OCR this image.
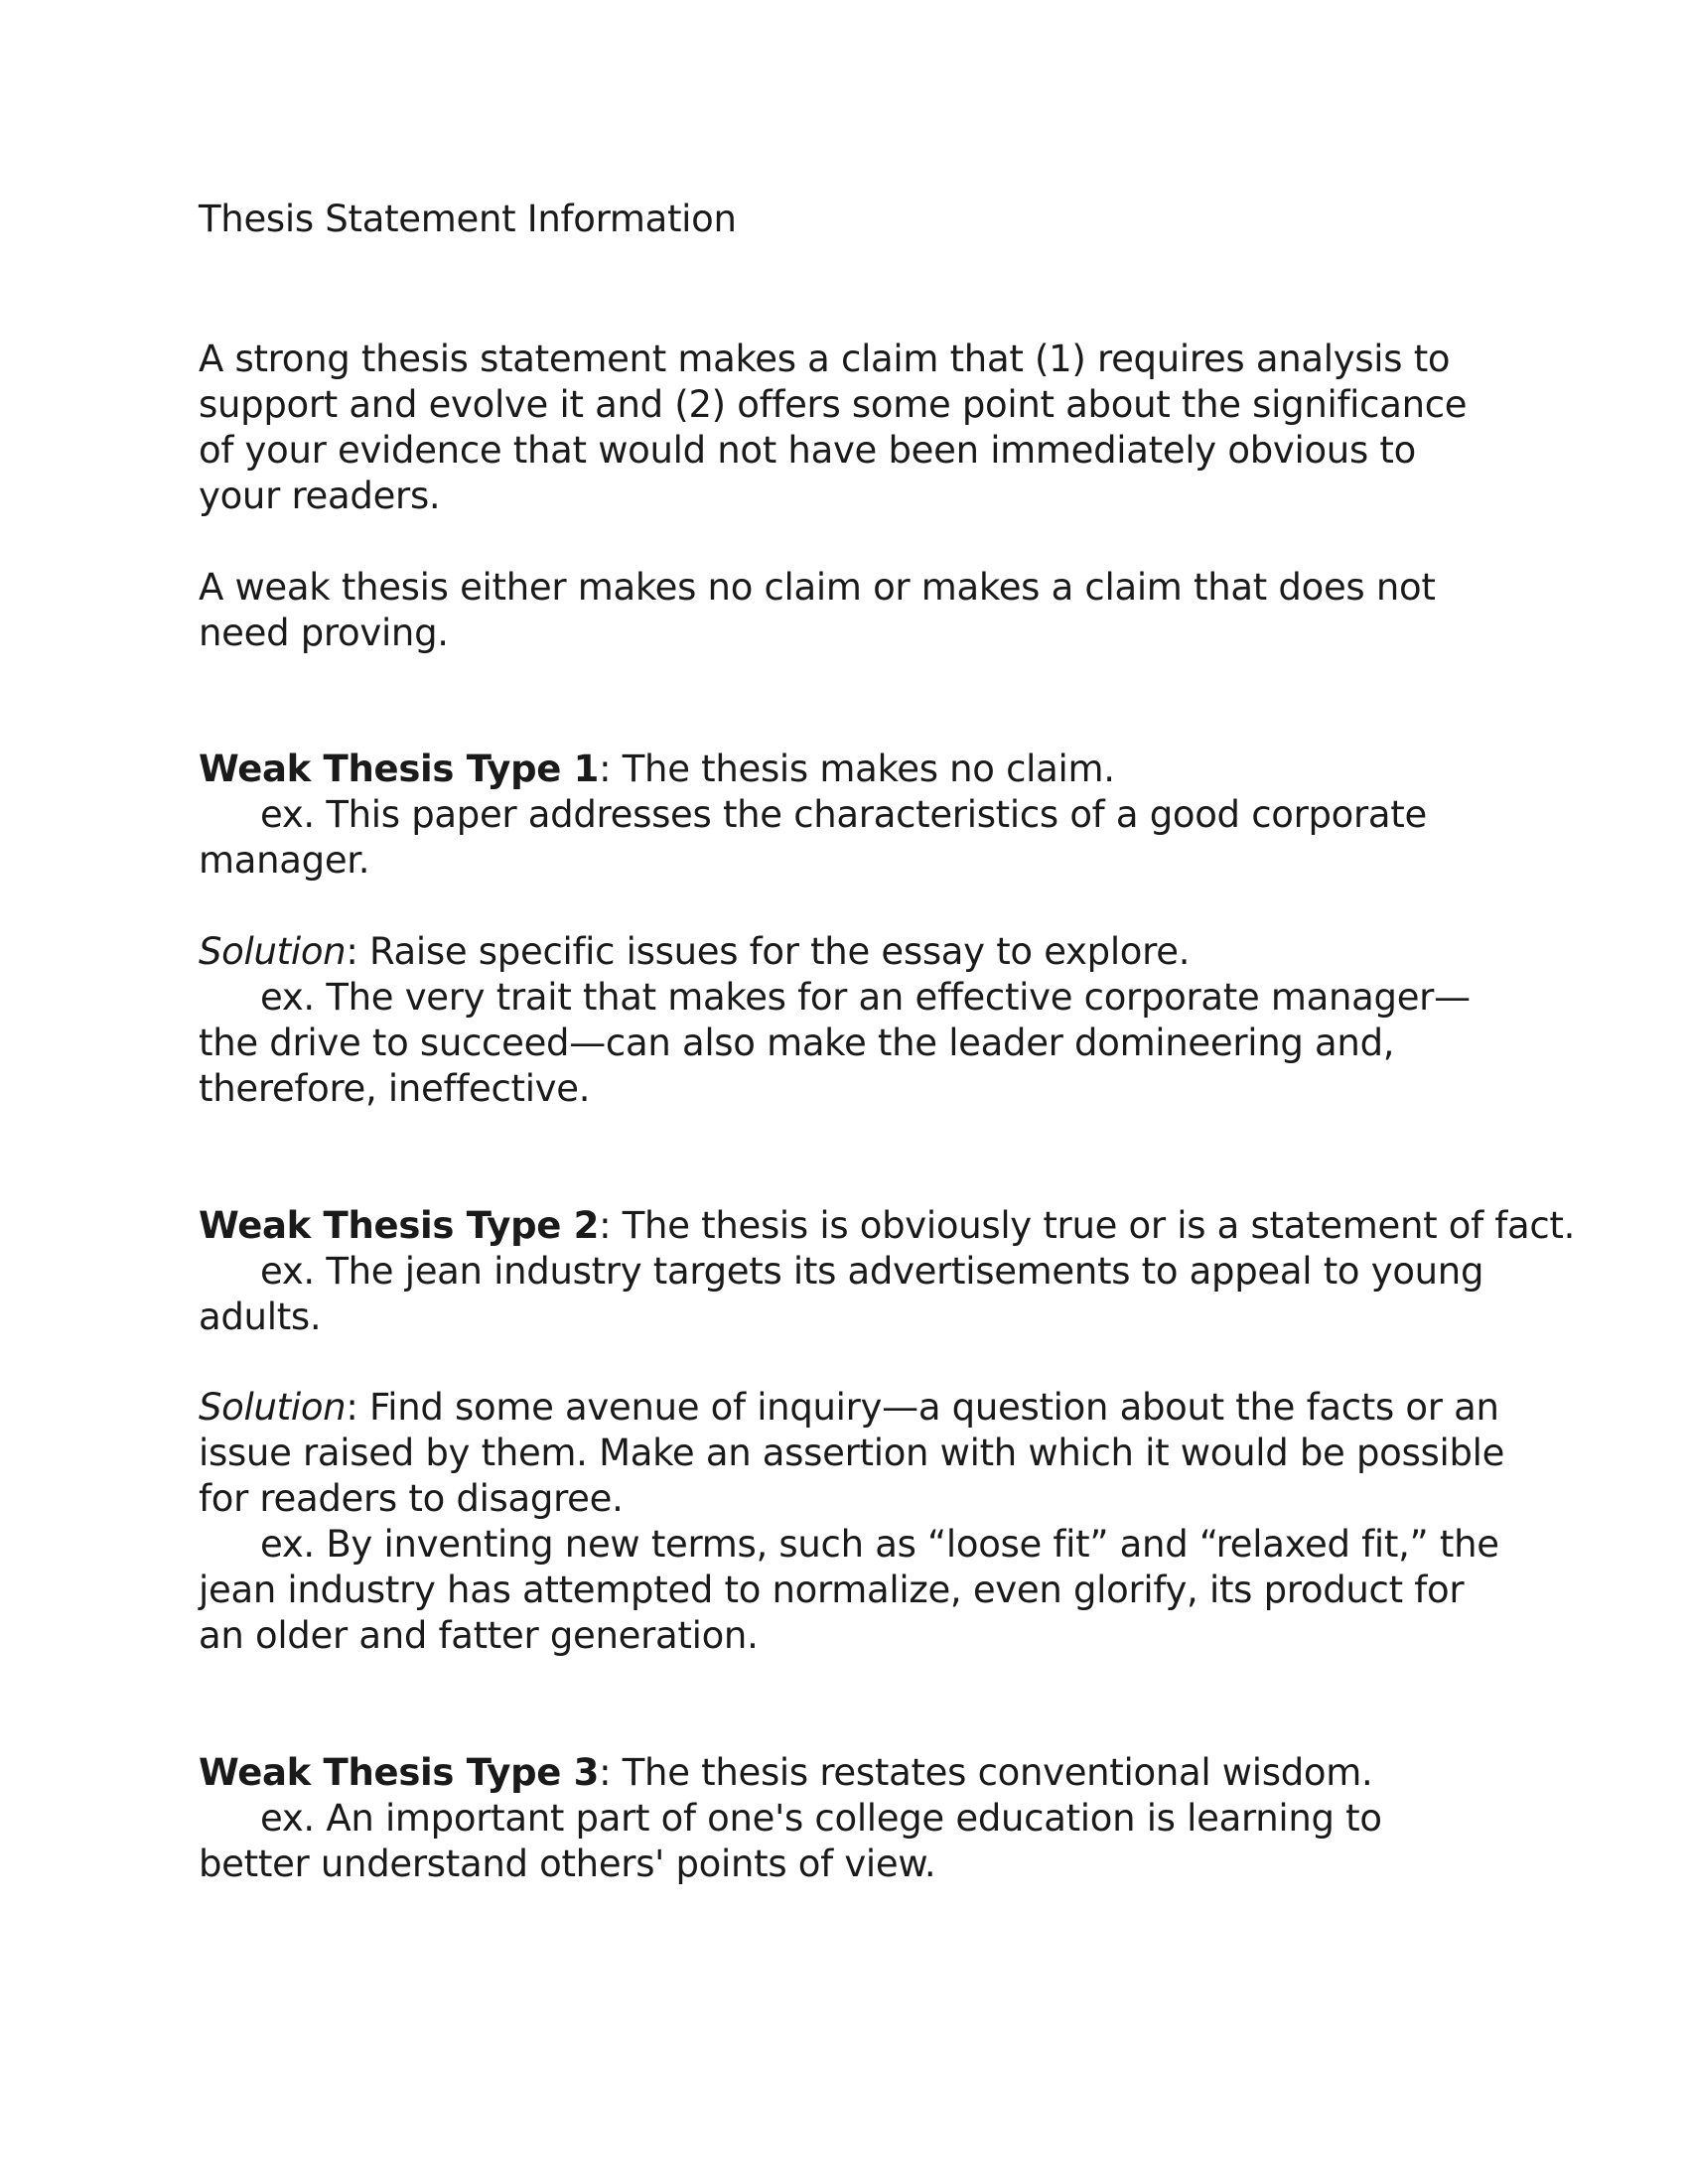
Thesis Statement Information
A strong thesis statement makes a claim that (1) requires analysis to
support and evolve it and (2) offers some point about the significance
of your evidence that would not have been immediately obvious to
your readers.
A weak thesis either makes no claim or makes a claim that does not
need proving.
Weak Thesis Type 1: The thesis makes no claim.
ex. This paper addresses the characteristics of a good corporate
manager.
Solution: Raise specific issues for the essay to explore.
ex. The very trait that makes for an effective corporate manager—
the drive to succeed—can also make the leader domineering and,
therefore, ineffective.
Weak Thesis Type 2: The thesis is obviously true or is a statement of fact.
ex. The jean industry targets its advertisements to appeal to young
adults.
Solution: Find some avenue of inquiry—a question about the facts or an
issue raised by them. Make an assertion with which it would be possible
for readers to disagree.
ex. By inventing new terms, such as “loose fit” and “relaxed fit,” the
jean industry has attempted to normalize, even glorify, its product for
an older and fatter generation.
Weak Thesis Type 3: The thesis restates conventional wisdom.
ex. An important part of one's college education is learning to
better understand others' points of view.
